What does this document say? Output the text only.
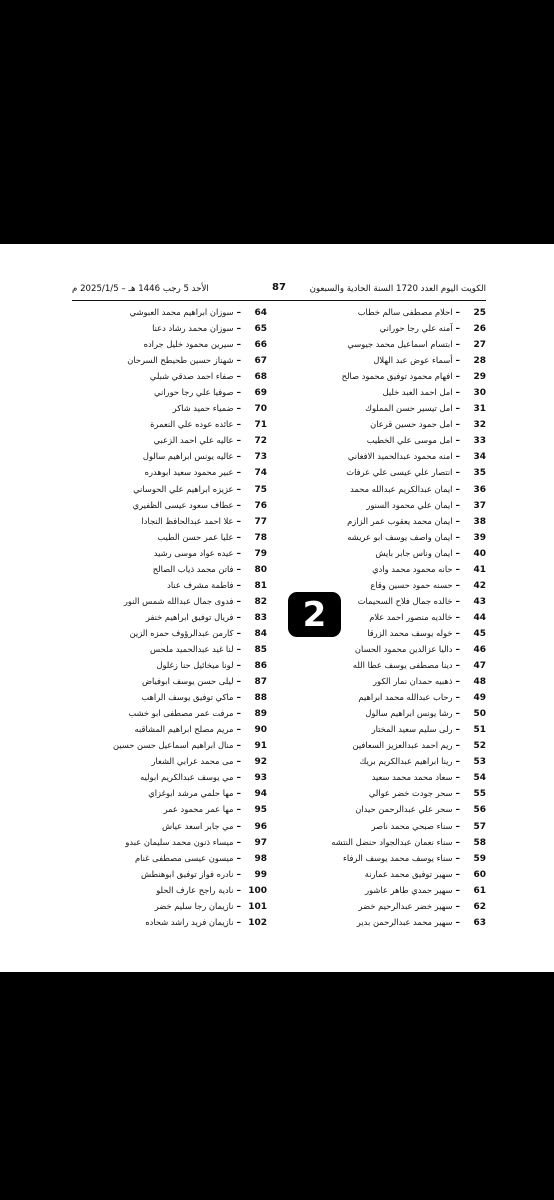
الكويت اليوم العدد 1720 السنة الحادية والسبعون
87
الأحد 5 رجب 1446 هـ – 2025/1/5 م
25–احلام مصطفى سالم خطاب
26–آمنه علي رجا حوراني
27–ابتسام اسماعيل محمد جيوسي
28–أسماء عوض عبد الهلال
29–افهام محمود توفيق محمود صالح
30–امل احمد العبد خليل
31–امل تيسير حسن المملوك
32–امل حمود حسين قرعان
33–امل موسى علي الخطيب
34–امنه محمود عبدالحميد الافغاني
35–انتصار علي عيسى علي عرفات
36–ايمان عبدالكريم عبدالله محمد
37–ايمان علي محمود السنور
38–ايمان محمد يعقوب عمر الزازم
39–ايمان واصف يوسف ابو عريشه
40–ايمان وناس جابر بايش
41–حانه محمود محمد وادي
42–حسنه حمود حسين وقاع
43–خالده جمال فلاح السحيمات
44–خالديه منصور احمد علام
45–خوله يوسف محمد الزرقا
46–داليا عزالدين محمود الحسان
47–دينا مصطفى يوسف عطا الله
48–ذهبيه حمدان نمار الكور
49–رحاب عبدالله محمد ابراهيم
50–رشا يونس ابراهيم سالول
51–رلى سليم سعيد المختار
52–ريم احمد عبدالعزيز السعافين
53–رينا ابراهيم عبدالكريم بريك
54–سعاد محمد محمد سعيد
55–سحر جودت خضر عوالي
56–سحر علي عبدالرحمن حيدان
57–سناء صبحي محمد ناصر
58–سناء نعمان عبدالجواد حنضل النتشه
59–سناء يوسف محمد يوسف الرفاء
60–سهير توفيق محمد عمارنة
61–سهير حمدي طاهر عاشور
62–سهير خضر عبدالرحيم خضر
63–سهير محمد عبدالرحمن بدير
64–سوزان ابراهيم محمد العبوشي
65–سوزان محمد رشاد دعنا
66–سيرين محمود خليل جراده
67–شهناز حسين طحيطح السرحان
68–صفاء احمد صدقي شبلي
69–صوفيا علي رجا حوراني
70–ضمياء حميد شاكر
71–عائده عوده علي النعمرة
72–عاليه علي احمد الزعبي
73–عاليه يونس ابراهيم سالول
74–عبير محمود سعيد ابوهدره
75–عزيزه ابراهيم علي الحوساني
76–عطاف سعود عيسى الظفيري
77–علا احمد عبدالحافظ النجادا
78–عليا عمر حسن الطيب
79–عيده عواد موسى رشيد
80–فاتن محمد ذياب الصالح
81–فاطمة مشرف عناد
82–فدوى جمال عبدالله شمس النور
83–فريال توفيق ابراهيم خنفر
84–كارمن عبدالرؤوف حمزه الزين
85–لنا غيد عبدالحميد ملحس
86–لونا ميخائيل حنا زغلول
87–ليلى حسن يوسف ابوفياض
88–ماكي توفيق يوسف الراهب
89–مرفت عمر مصطفى ابو خشب
90–مريم مصلح ابراهيم المشاقبه
91–منال ابراهيم اسماعيل حسن حسين
92–مى محمد عرابي الشعار
93–مي يوسف عبدالكريم ابوليه
94–مها حلمي مرشد ابوغزاي
95–مها عمر محمود عمر
96–مي جابر اسعد عياش
97–ميساء ذنون محمد سليمان عبدو
98–ميسون عيسى مصطفى غنام
99–نادره فواز توفيق ابوهنطش
100–نادية راجح عارف الحلو
101–نازيمان رجا سليم خضر
102–نازيمان فريد راشد شحاده
2
